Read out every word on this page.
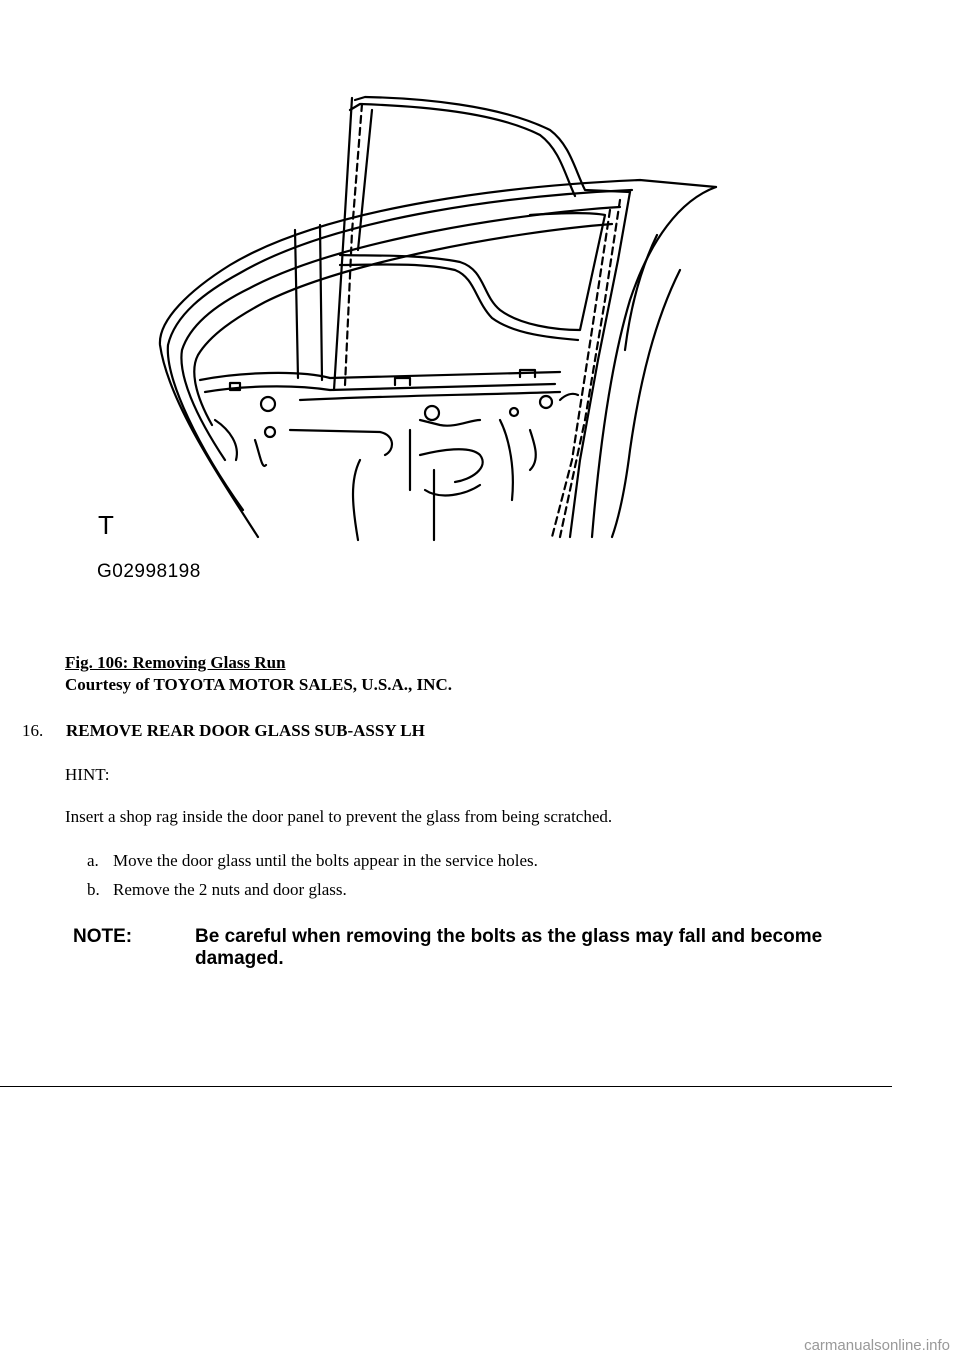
T
G02998198
Fig. 106: Removing Glass Run
Courtesy of TOYOTA MOTOR SALES, U.S.A., INC.
16. REMOVE REAR DOOR GLASS SUB-ASSY LH
HINT:
Insert a shop rag inside the door panel to prevent the glass from being scratched.
a. Move the door glass until the bolts appear in the service holes.
b. Remove the 2 nuts and door glass.
NOTE:	Be careful when removing the bolts as the glass may fall and become damaged.
carmanualsonline.info
